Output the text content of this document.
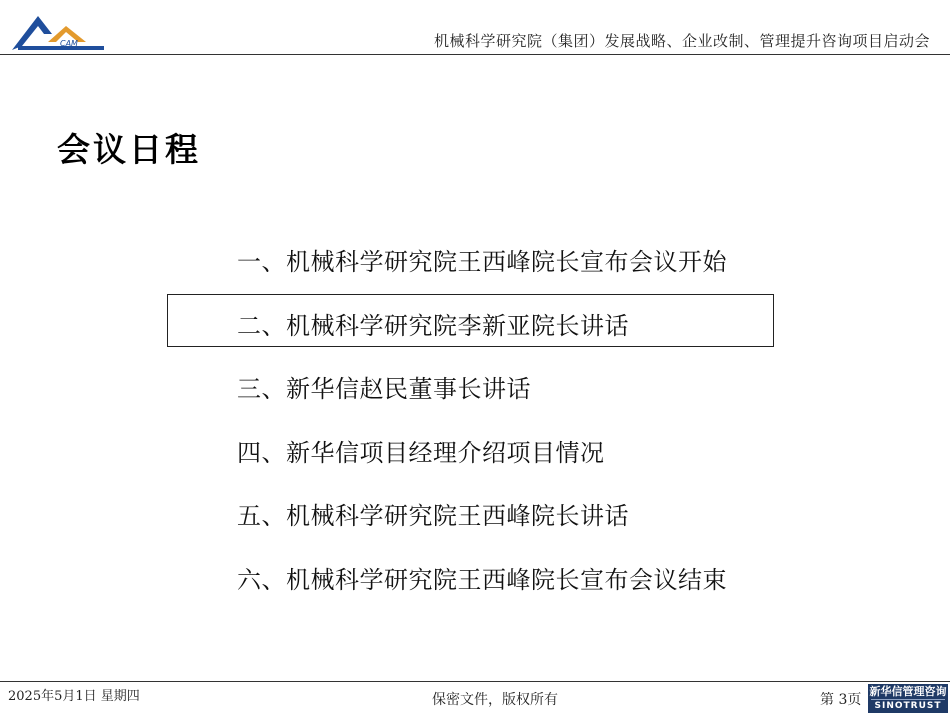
CAM	机械科学研究院（集团）发展战略、企业改制、管理提升咨询项目启动会
会议日程
一、机械科学研究院王西峰院长宣布会议开始
二、机械科学研究院李新亚院长讲话
三、新华信赵民董事长讲话
四、新华信项目经理介绍项目情况
五、机械科学研究院王西峰院长讲话
六、机械科学研究院王西峰院长宣布会议结束
2025年5月1日 星期四	保密文件，版权所有	第 3页
新华信管理咨询
SINOTRUST
